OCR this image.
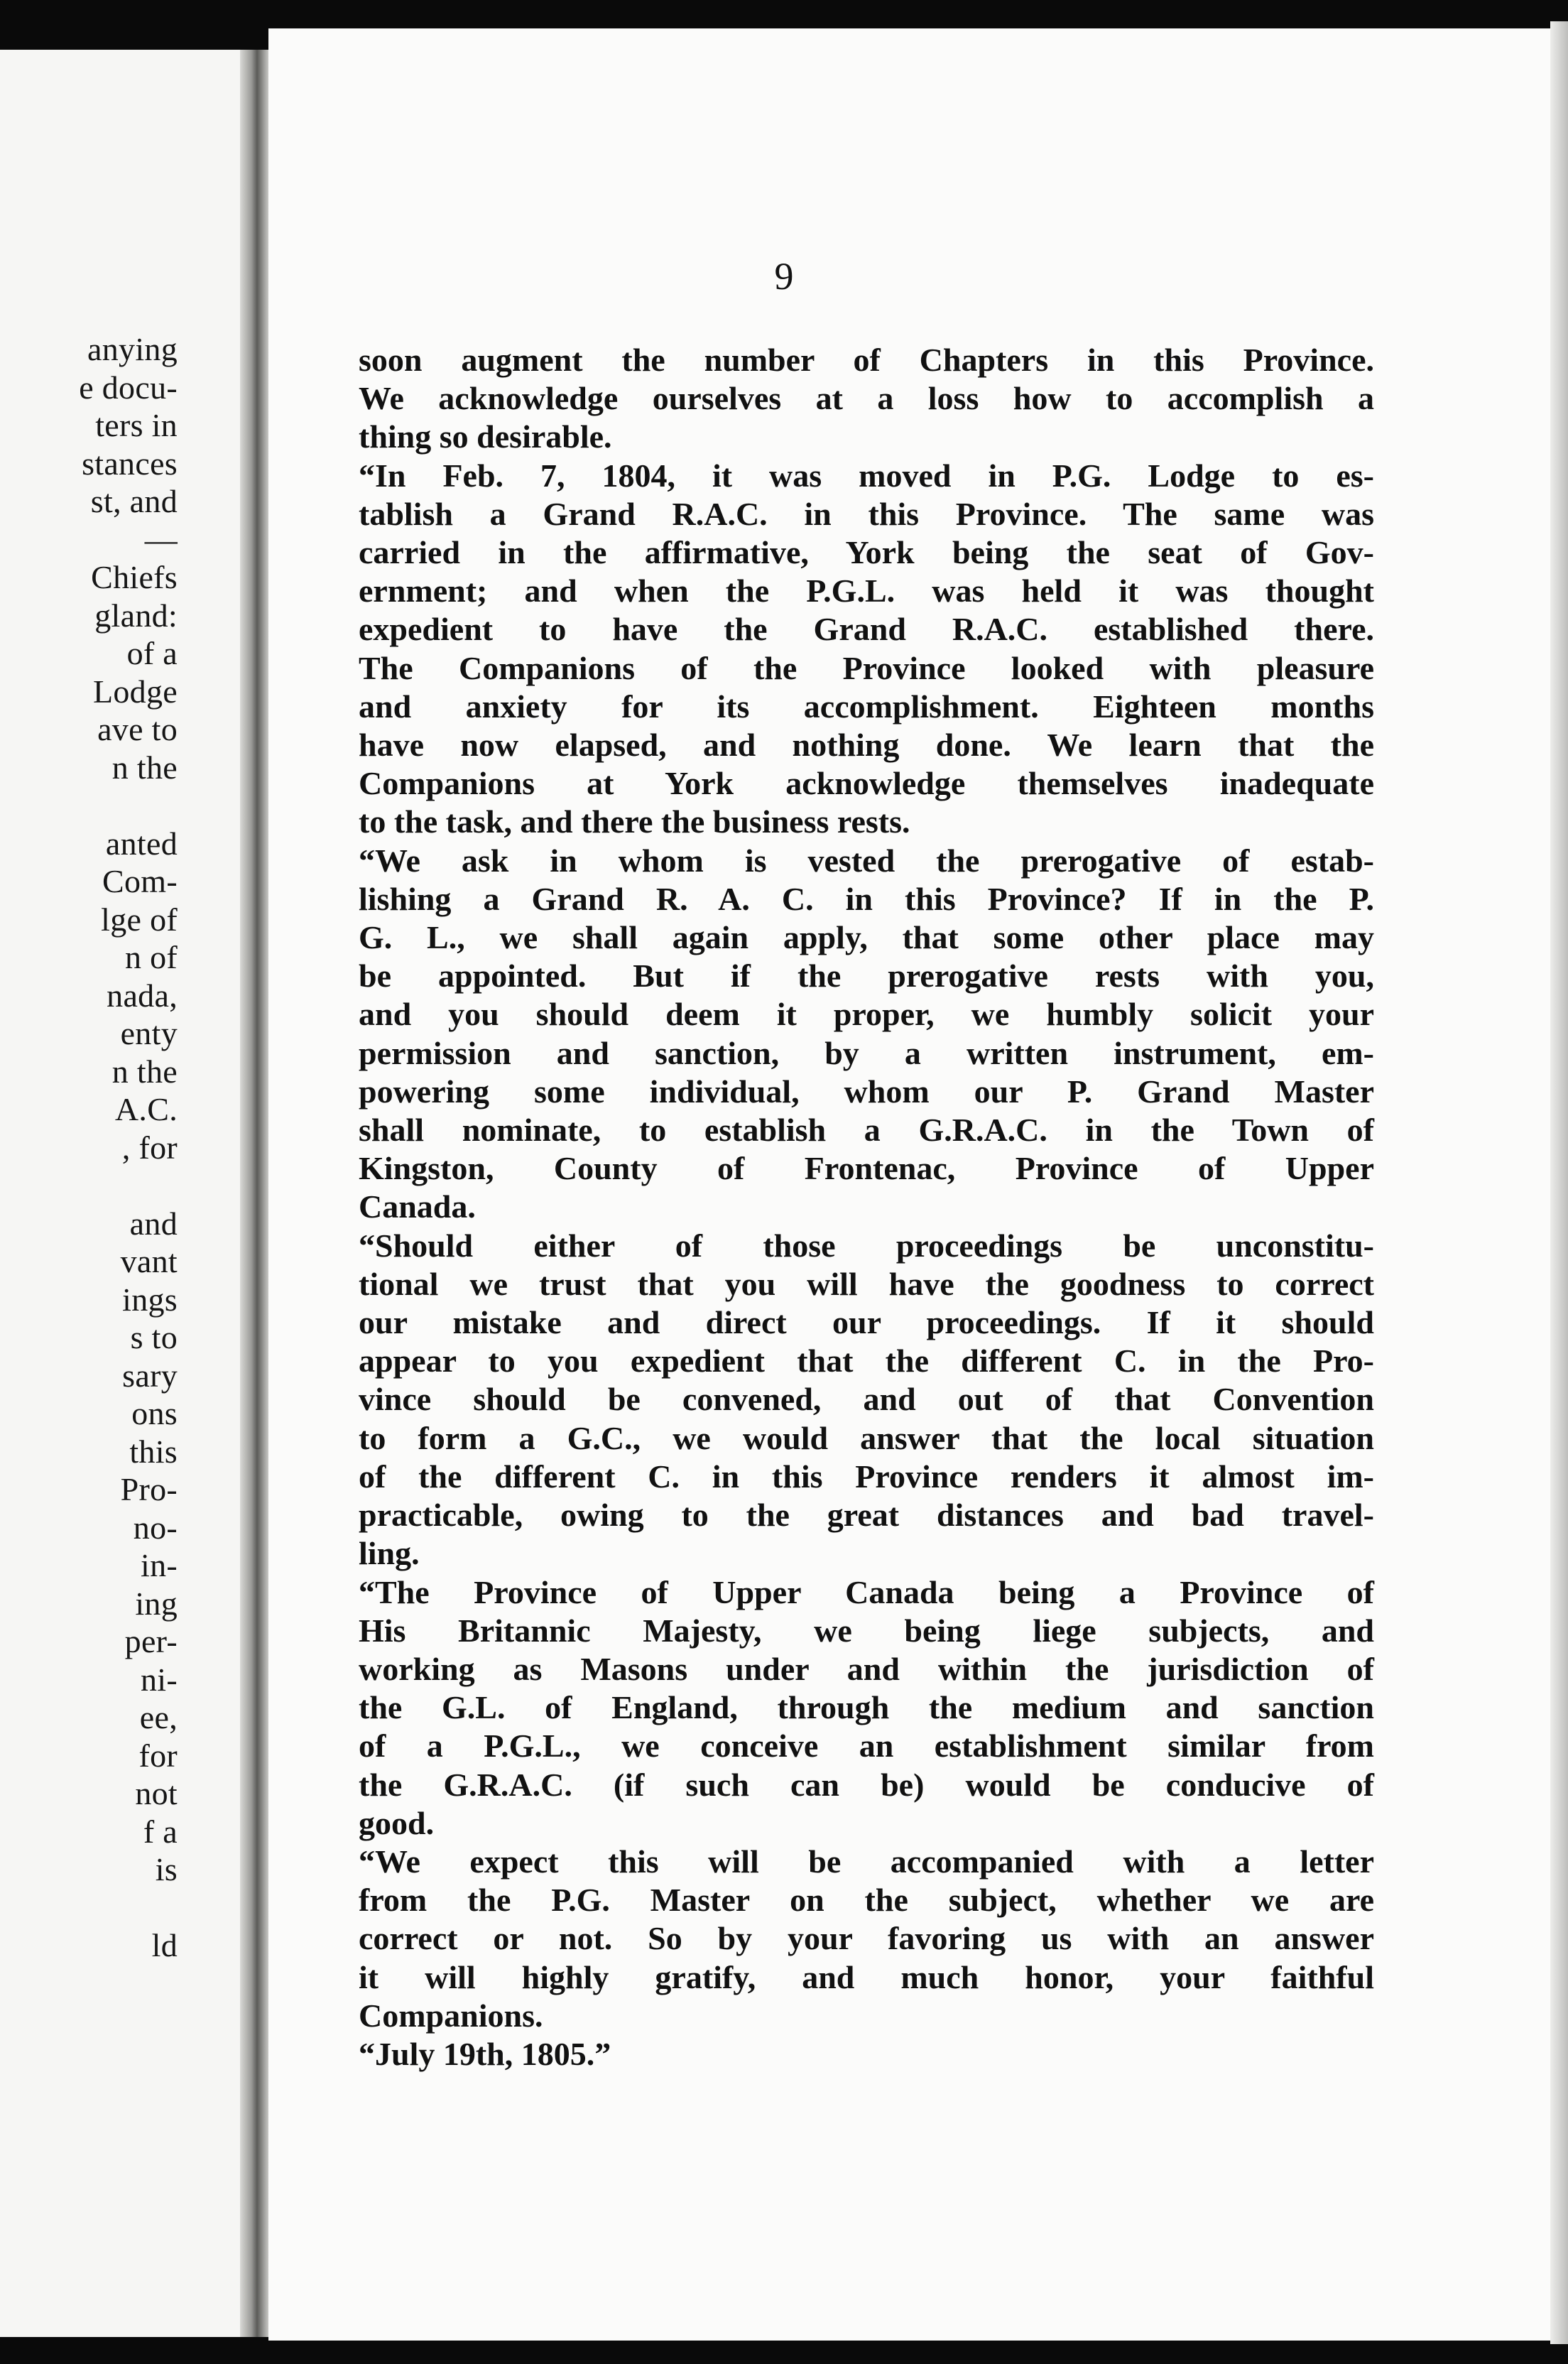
anying
e docu-
ters in
stances
st, and
—
Chiefs
gland:
of a
Lodge
ave to
n the
anted
Com-
lge of
n of
nada,
enty
n the
A.C.
, for
and
vant
ings
s to
sary
ons
this
Pro-
no-
in-
ing
per-
ni-
ee,
for
not
f a
is
ld
9
soon augment the number of Chapters in this Province.
We acknowledge ourselves at a loss how to accomplish a
thing so desirable.
“In Feb. 7, 1804, it was moved in P.G. Lodge to es-
tablish a Grand R.A.C. in this Province. The same was
carried in the affirmative, York being the seat of Gov-
ernment; and when the P.G.L. was held it was thought
expedient to have the Grand R.A.C. established there.
The Companions of the Province looked with pleasure
and anxiety for its accomplishment. Eighteen months
have now elapsed, and nothing done. We learn that the
Companions at York acknowledge themselves inadequate
to the task, and there the business rests.
“We ask in whom is vested the prerogative of estab-
lishing a Grand R. A. C. in this Province? If in the P.
G. L., we shall again apply, that some other place may
be appointed. But if the prerogative rests with you,
and you should deem it proper, we humbly solicit your
permission and sanction, by a written instrument, em-
powering some individual, whom our P. Grand Master
shall nominate, to establish a G.R.A.C. in the Town of
Kingston, County of Frontenac, Province of Upper
Canada.
“Should either of those proceedings be unconstitu-
tional we trust that you will have the goodness to correct
our mistake and direct our proceedings. If it should
appear to you expedient that the different C. in the Pro-
vince should be convened, and out of that Convention
to form a G.C., we would answer that the local situation
of the different C. in this Province renders it almost im-
practicable, owing to the great distances and bad travel-
ling.
“The Province of Upper Canada being a Province of
His Britannic Majesty, we being liege subjects, and
working as Masons under and within the jurisdiction of
the G.L. of England, through the medium and sanction
of a P.G.L., we conceive an establishment similar from
the G.R.A.C. (if such can be) would be conducive of
good.
“We expect this will be accompanied with a letter
from the P.G. Master on the subject, whether we are
correct or not. So by your favoring us with an answer
it will highly gratify, and much honor, your faithful
Companions.
“July 19th, 1805.”
